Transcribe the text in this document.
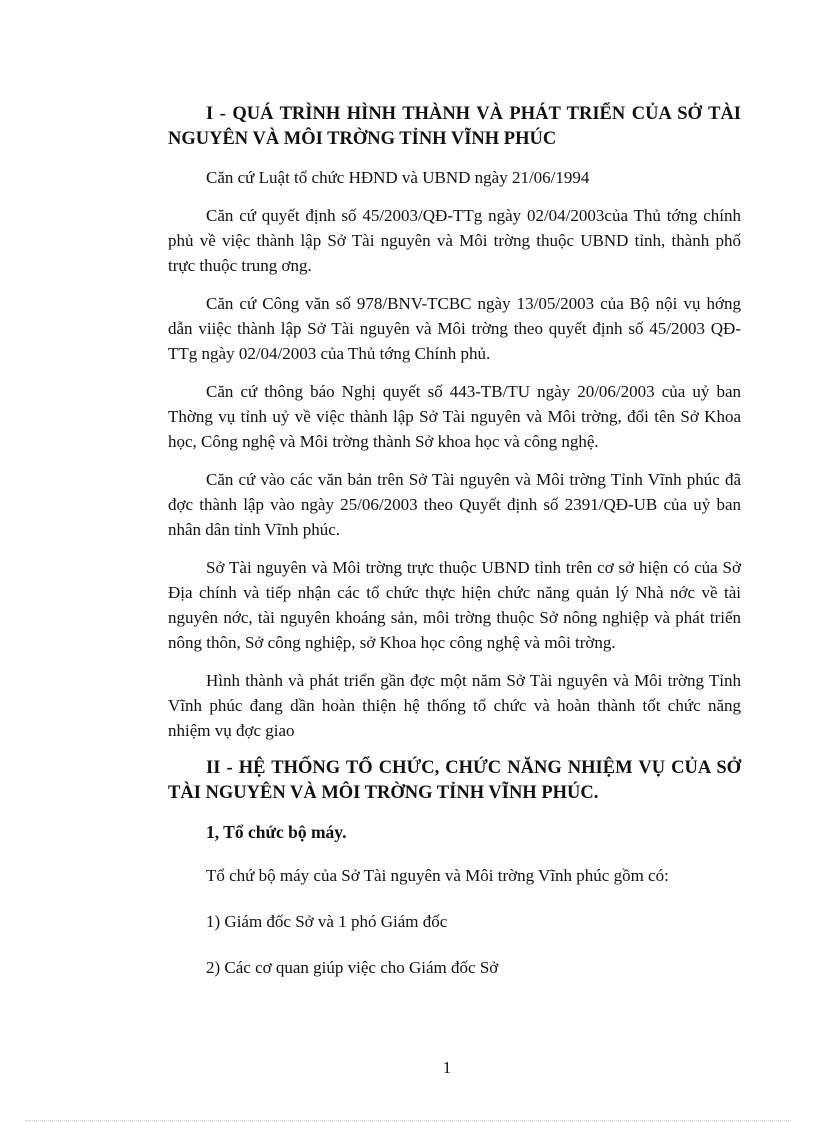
I - QUÁ TRÌNH HÌNH THÀNH VÀ PHÁT TRIỂN CỦA SỞ TÀI NGUYÊN VÀ MÔI TRỜNG TỈNH VĨNH PHÚC

Căn cứ Luật tổ chức HĐND và UBND ngày 21/06/1994

Căn cứ quyết định số 45/2003/QĐ-TTg ngày 02/04/2003của Thủ tớng chính phủ về việc thành lập Sở Tài nguyên và Môi trờng thuộc UBND tỉnh, thành phố trực thuộc trung ơng.

Căn cứ Công văn số 978/BNV-TCBC ngày 13/05/2003 của Bộ nội vụ hớng dẫn viiệc thành lập Sở Tài nguyên và Môi trờng theo quyết định số 45/2003 QĐ-TTg ngày 02/04/2003 của Thủ tớng Chính phủ.

Căn cứ thông báo Nghị quyết số 443-TB/TU ngày 20/06/2003 của uỷ ban Thờng vụ tỉnh uỷ về việc thành lập Sở Tài nguyên và Môi trờng, đổi tên Sở Khoa học, Công nghệ và Môi trờng thành Sở khoa học và công nghệ.

Căn cứ vào các văn bản trên Sở Tài nguyên và Môi trờng Tỉnh Vĩnh phúc đã đợc thành lập vào ngày 25/06/2003 theo Quyết định số 2391/QĐ-UB của uỷ ban nhân dân tỉnh Vĩnh phúc.

Sở Tài nguyên và Môi trờng trực thuộc UBND tỉnh trên cơ sở hiện có của Sở Địa chính và tiếp nhận các tổ chức thực hiện chức năng quản lý Nhà nớc về tài nguyên nớc, tài nguyên khoáng sản, môi trờng thuộc Sở nông nghiệp và phát triển nông thôn, Sở công nghiệp, sở Khoa học công nghệ và môi trờng.

Hình thành và phát triển gần đợc một năm Sở Tài nguyên và Môi trờng Tỉnh Vĩnh phúc đang dần hoàn thiện hệ thống tổ chức và hoàn thành tốt chức năng nhiệm vụ đợc giao

II - HỆ THỐNG TỔ CHỨC, CHỨC NĂNG NHIỆM VỤ CỦA SỞ TÀI NGUYÊN VÀ MÔI TRỜNG TỈNH VĨNH PHÚC.

1, Tổ chức bộ máy.

Tổ chứ bộ máy của Sở Tài nguyên và Môi trờng Vĩnh phúc gồm có:

1) Giám đốc Sở và 1 phó Giám đốc

2) Các cơ quan giúp việc cho Giám đốc Sở

1
